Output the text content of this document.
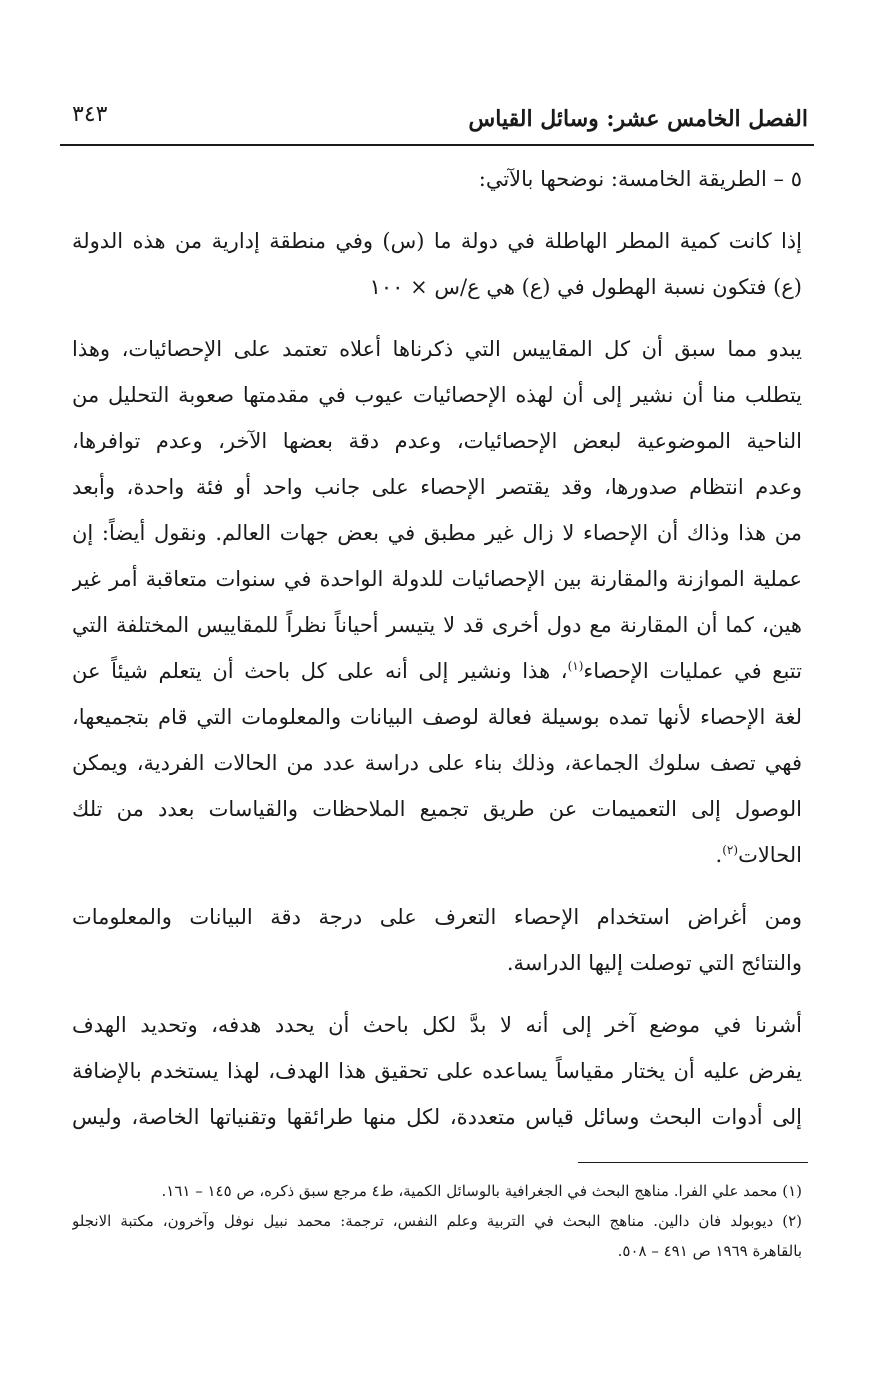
الفصل الخامس عشر: وسائل القياس
٣٤٣
٥ – الطريقة الخامسة: نوضحها بالآتي:
إذا كانت كمية المطر الهاطلة في دولة ما (س) وفي منطقة إدارية من هذه الدولة
(ع) فتكون نسبة الهطول في (ع) هي ع/س × ١٠٠
يبدو مما سبق أن كل المقاييس التي ذكرناها أعلاه تعتمد على الإحصائيات، وهذا
يتطلب منا أن نشير إلى أن لهذه الإحصائيات عيوب في مقدمتها صعوبة التحليل من
الناحية الموضوعية لبعض الإحصائيات، وعدم دقة بعضها الآخر، وعدم توافرها،
وعدم انتظام صدورها، وقد يقتصر الإحصاء على جانب واحد أو فئة واحدة، وأبعد
من هذا وذاك أن الإحصاء لا زال غير مطبق في بعض جهات العالم. ونقول أيضاً: إن
عملية الموازنة والمقارنة بين الإحصائيات للدولة الواحدة في سنوات متعاقبة أمر غير
هين، كما أن المقارنة مع دول أخرى قد لا يتيسر أحياناً نظراً للمقاييس المختلفة التي
تتبع في عمليات الإحصاء$^{(١)}$، هذا ونشير إلى أنه على كل باحث أن يتعلم شيئاً عن
لغة الإحصاء لأنها تمده بوسيلة فعالة لوصف البيانات والمعلومات التي قام بتجميعها،
فهي تصف سلوك الجماعة، وذلك بناء على دراسة عدد من الحالات الفردية، ويمكن
الوصول إلى التعميمات عن طريق تجميع الملاحظات والقياسات بعدد من تلك
الحالات$^{(٢)}$.
ومن أغراض استخدام الإحصاء التعرف على درجة دقة البيانات والمعلومات
والنتائج التي توصلت إليها الدراسة.
أشرنا في موضع آخر إلى أنه لا بدَّ لكل باحث أن يحدد هدفه، وتحديد الهدف
يفرض عليه أن يختار مقياساً يساعده على تحقيق هذا الهدف، لهذا يستخدم بالإضافة
إلى أدوات البحث وسائل قياس متعددة، لكل منها طرائقها وتقنياتها الخاصة، وليس
(١) محمد علي الفرا. مناهج البحث في الجغرافية بالوسائل الكمية، ط٤ مرجع سبق ذكره، ص ١٤٥ – ١٦١.
(٢) ديوبولد فان دالين. مناهج البحث في التربية وعلم النفس، ترجمة: محمد نبيل نوفل وآخرون، مكتبة الانجلو
بالقاهرة ١٩٦٩ ص ٤٩١ – ٥٠٨.
